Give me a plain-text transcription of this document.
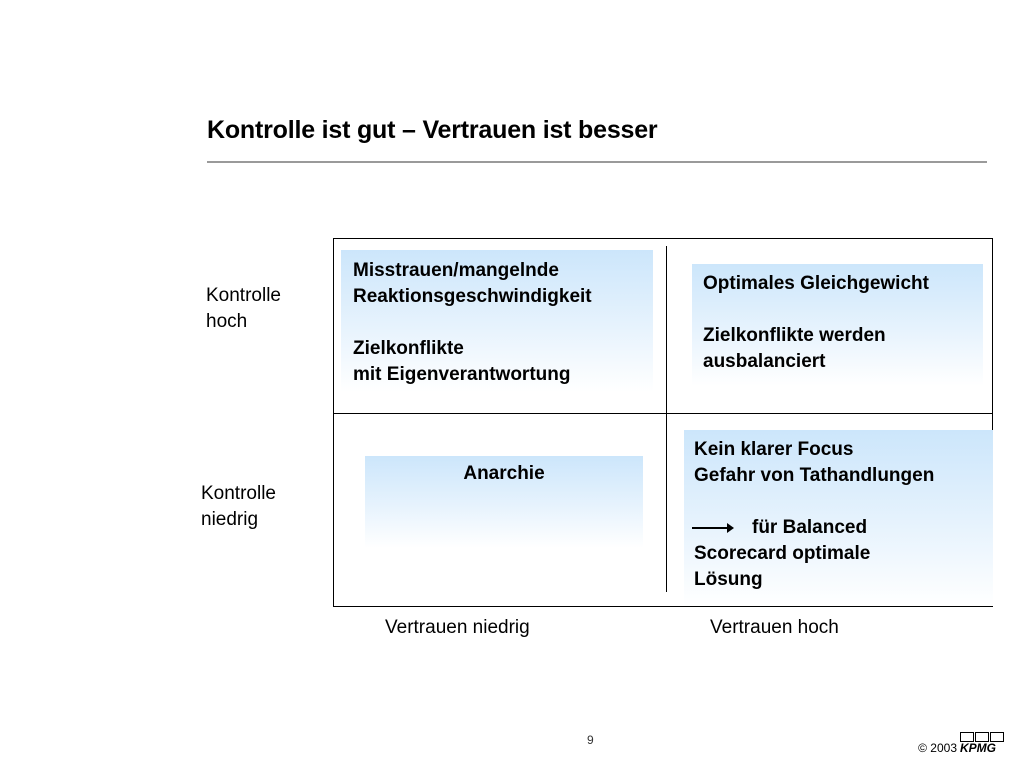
Kontrolle ist gut – Vertrauen ist besser

Misstrauen/mangelnde

Reaktionsgeschwindigkeit

Zielkonflikte

mit Eigenverantwortung

Optimales Gleichgewicht

Zielkonflikte werden

ausbalanciert

Anarchie

Kein klarer Focus

Gefahr von Tathandlungen

für Balanced

Scorecard optimale

Lösung

Kontrolle

hoch

Kontrolle

niedrig

Vertrauen niedrig	Vertrauen hoch
9
© 2003 KPMG
